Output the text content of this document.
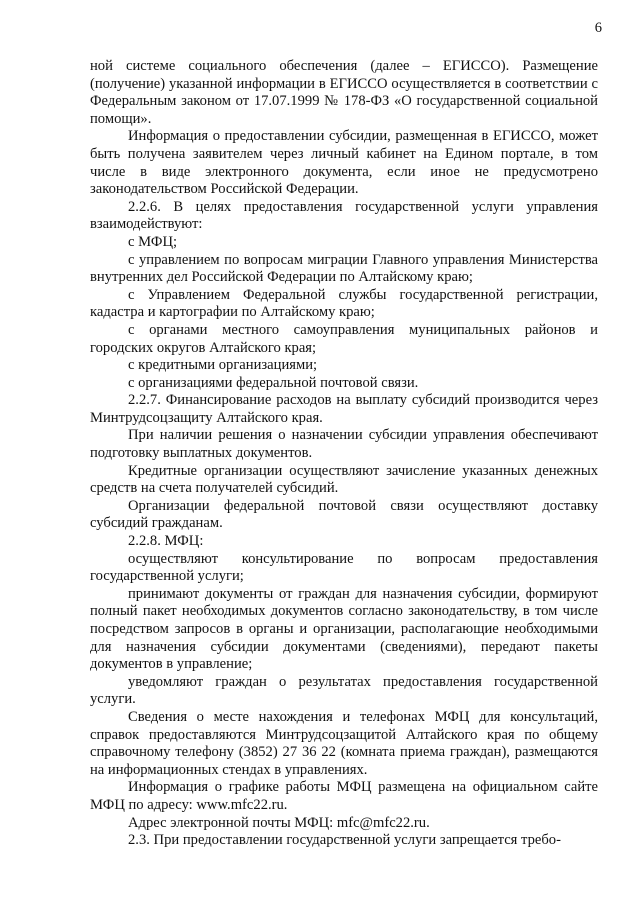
6

ной системе социального обеспечения (далее – ЕГИССО). Размещение (получение) указанной информации в ЕГИССО осуществляется в соответствии с Федеральным законом от 17.07.1999 № 178-ФЗ «О государственной социальной помощи».

Информация о предоставлении субсидии, размещенная в ЕГИССО, может быть получена заявителем через личный кабинет на Едином портале, в том числе в виде электронного документа, если иное не предусмотрено законодательством Российской Федерации.

2.2.6. В целях предоставления государственной услуги управления взаимодействуют:

с МФЦ;

с управлением по вопросам миграции Главного управления Министерства внутренних дел Российской Федерации по Алтайскому краю;

с Управлением Федеральной службы государственной регистрации, кадастра и картографии по Алтайскому краю;

с органами местного самоуправления муниципальных районов и городских округов Алтайского края;

с кредитными организациями;

с организациями федеральной почтовой связи.

2.2.7. Финансирование расходов на выплату субсидий производится через Минтрудсоцзащиту Алтайского края.

При наличии решения о назначении субсидии управления обеспечивают подготовку выплатных документов.

Кредитные организации осуществляют зачисление указанных денежных средств на счета получателей субсидий.

Организации федеральной почтовой связи осуществляют доставку субсидий гражданам.

2.2.8. МФЦ:

осуществляют консультирование по вопросам предоставления государственной услуги;

принимают документы от граждан для назначения субсидии, формируют полный пакет необходимых документов согласно законодательству, в том числе посредством запросов в органы и организации, располагающие необходимыми для назначения субсидии документами (сведениями), передают пакеты документов в управление;

уведомляют граждан о результатах предоставления государственной услуги.

Сведения о месте нахождения и телефонах МФЦ для консультаций, справок предоставляются Минтрудсоцзащитой Алтайского края по общему справочному телефону (3852) 27 36 22 (комната приема граждан), размещаются на информационных стендах в управлениях.

Информация о графике работы МФЦ размещена на официальном сайте МФЦ по адресу: www.mfc22.ru.

Адрес электронной почты МФЦ: mfc@mfc22.ru.

2.3. При предоставлении государственной услуги запрещается требо-
